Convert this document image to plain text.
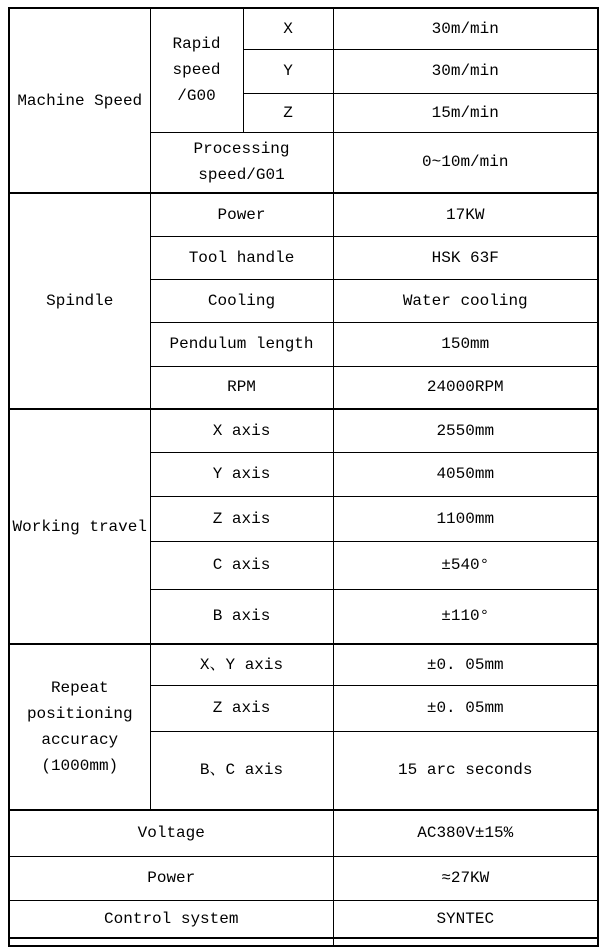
Machine Speed	Rapid speed /G00	X	30m/min
		Y	30m/min
		Z	15m/min
	Processing speed/G01		0~10m/min
Spindle	Power		17KW
	Tool handle		HSK 63F
	Cooling		Water cooling
	Pendulum length		150mm
	RPM		24000RPM
Working travel	X axis		2550mm
	Y axis		4050mm
	Z axis		1100mm
	C axis		±540°
	B axis		±110°
Repeat positioning accuracy (1000mm)	X、Y axis		±0. 05mm
	Z axis		±0. 05mm
	B、C axis		15 arc seconds
Voltage			AC380V±15%
Power			≈27KW
Control system			SYNTEC
